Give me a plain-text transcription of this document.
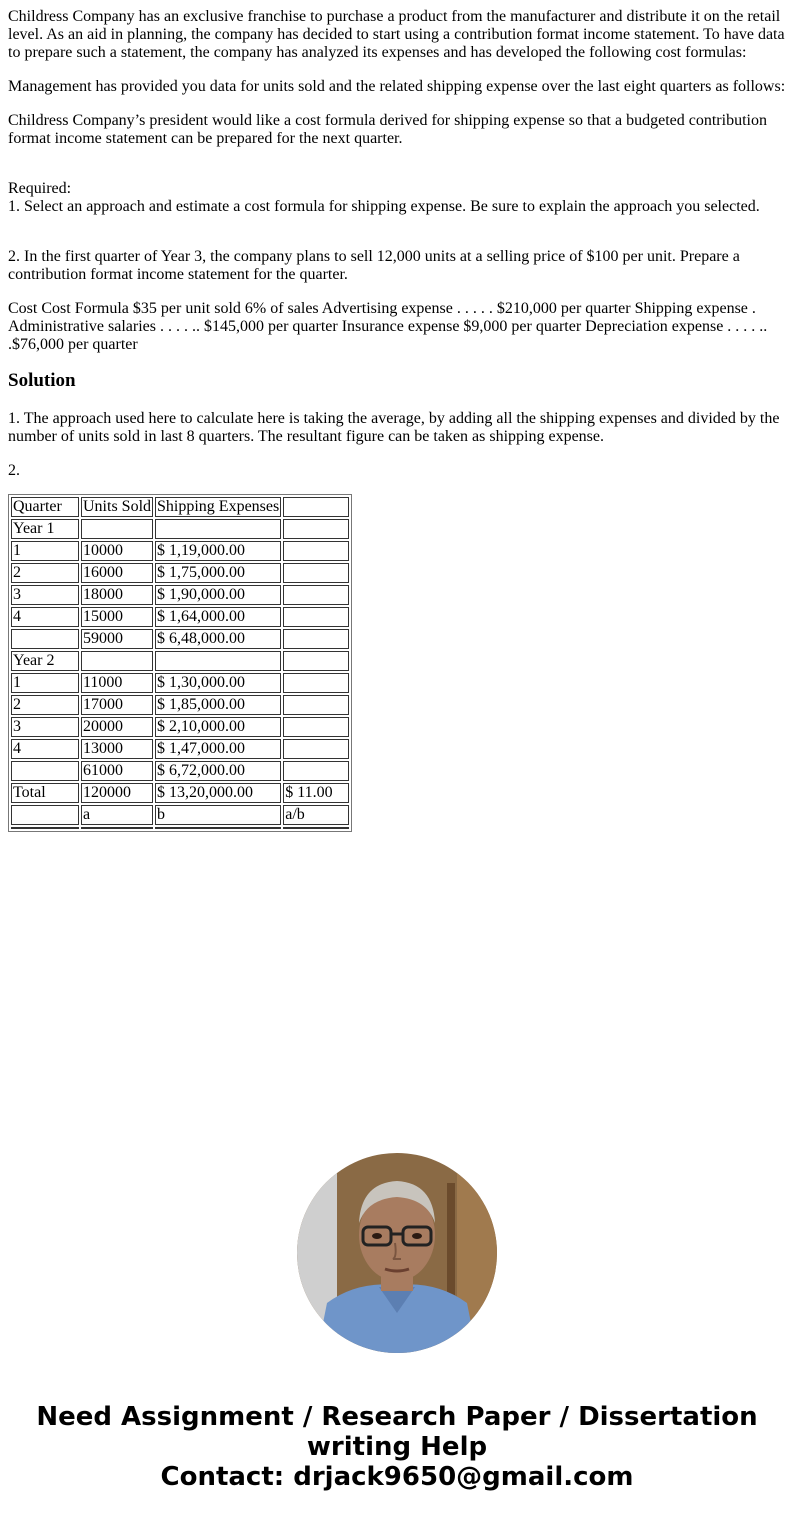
Childress Company has an exclusive franchise to purchase a product from the manufacturer and distribute it on the retail level. As an aid in planning, the company has decided to start using a contribution format income statement. To have data to prepare such a statement, the company has analyzed its expenses and has developed the following cost formulas:

Management has provided you data for units sold and the related shipping expense over the last eight quarters as follows:

Childress Company’s president would like a cost formula derived for shipping expense so that a budgeted contribution format income statement can be prepared for the next quarter.

Required:

1. Select an approach and estimate a cost formula for shipping expense. Be sure to explain the approach you selected.

2. In the first quarter of Year 3, the company plans to sell 12,000 units at a selling price of $100 per unit. Prepare a contribution format income statement for the quarter.

Cost Cost Formula $35 per unit sold 6% of sales Advertising expense . . . . . $210,000 per quarter Shipping expense . Administrative salaries . . . . .. $145,000 per quarter Insurance expense $9,000 per quarter Depreciation expense . . . . .. .$76,000 per quarter

Solution

1. The approach used here to calculate here is taking the average, by adding all the shipping expenses and divided by the number of units sold in last 8 quarters. The resultant figure can be taken as shipping expense.

2.

Quarter	Units Sold	Shipping Expenses	
Year 1			
1	10000	$ 1,19,000.00	
2	16000	$ 1,75,000.00	
3	18000	$ 1,90,000.00	
4	15000	$ 1,64,000.00	
	59000	$ 6,48,000.00	
Year 2			
1	11000	$ 1,30,000.00	
2	17000	$ 1,85,000.00	
3	20000	$ 2,10,000.00	
4	13000	$ 1,47,000.00	
	61000	$ 6,72,000.00	
Total	120000	$ 13,20,000.00	$ 11.00
	a	b	a/b

Need Assignment / Research Paper / Dissertation
writing Help
Contact: drjack9650@gmail.com
